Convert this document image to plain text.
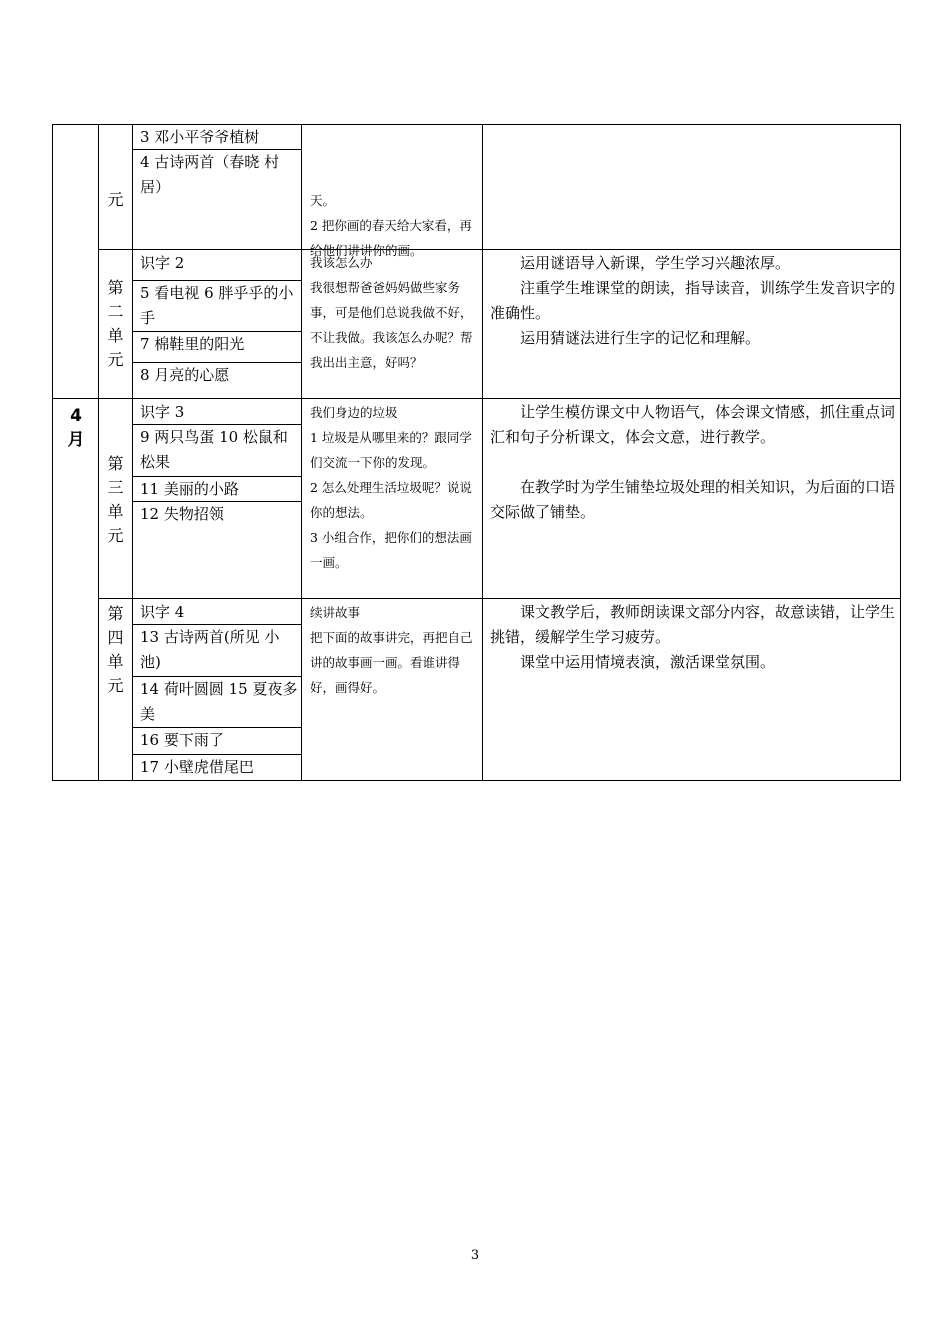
4
月
元
第
二
单
元
第
三
单
元
第
四
单
元
3 邓小平爷爷植树
4 古诗两首（春晓 村居）
识字 2
5 看电视 6 胖乎乎的小手
7 棉鞋里的阳光
8 月亮的心愿
识字 3
9 两只鸟蛋 10 松鼠和松果
11 美丽的小路
12 失物招领
识字 4
13 古诗两首(所见 小池)
14 荷叶圆圆 15 夏夜多美
16 要下雨了
17 小壁虎借尾巴

天。

2 把你画的春天给大家看，再给他们讲讲你的画。

我该怎么办

我很想帮爸爸妈妈做些家务事，可是他们总说我做不好，不让我做。我该怎么办呢？帮我出出主意，好吗？

我们身边的垃圾

1 垃圾是从哪里来的？跟同学们交流一下你的发现。

2 怎么处理生活垃圾呢？说说你的想法。

3 小组合作，把你们的想法画一画。

续讲故事

把下面的故事讲完，再把自己讲的故事画一画。看谁讲得好，画得好。

运用谜语导入新课，学生学习兴趣浓厚。

注重学生堆课堂的朗读，指导读音，训练学生发音识字的准确性。

运用猜谜法进行生字的记忆和理解。

让学生模仿课文中人物语气，体会课文情感，抓住重点词汇和句子分析课文，体会文意，进行教学。

在教学时为学生铺垫垃圾处理的相关知识，为后面的口语交际做了铺垫。

课文教学后，教师朗读课文部分内容，故意读错，让学生挑错，缓解学生学习疲劳。

课堂中运用情境表演，激活课堂氛围。

3
